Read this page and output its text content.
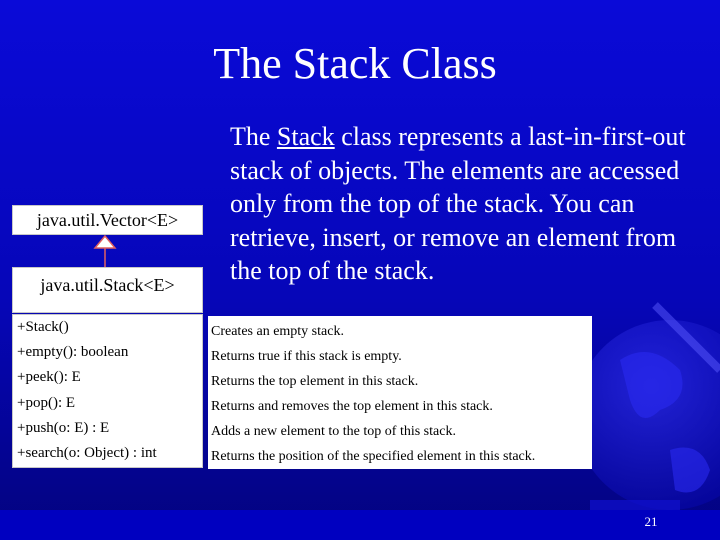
The Stack Class
The Stack class represents a last-in-first-out stack of objects. The elements are accessed only from the top of the stack. You can retrieve, insert, or remove an element from the top of the stack.
java.util.Vector<E>
java.util.Stack<E>
+Stack()
+empty(): boolean
+peek(): E
+pop(): E
+push(o: E) : E
+search(o: Object) : int
Creates an empty stack.
Returns true if this stack is empty.
Returns the top element in this stack.
Returns and removes the top element in this stack.
Adds a new element to the top of this stack.
Returns the position of the specified element in this stack.
21
